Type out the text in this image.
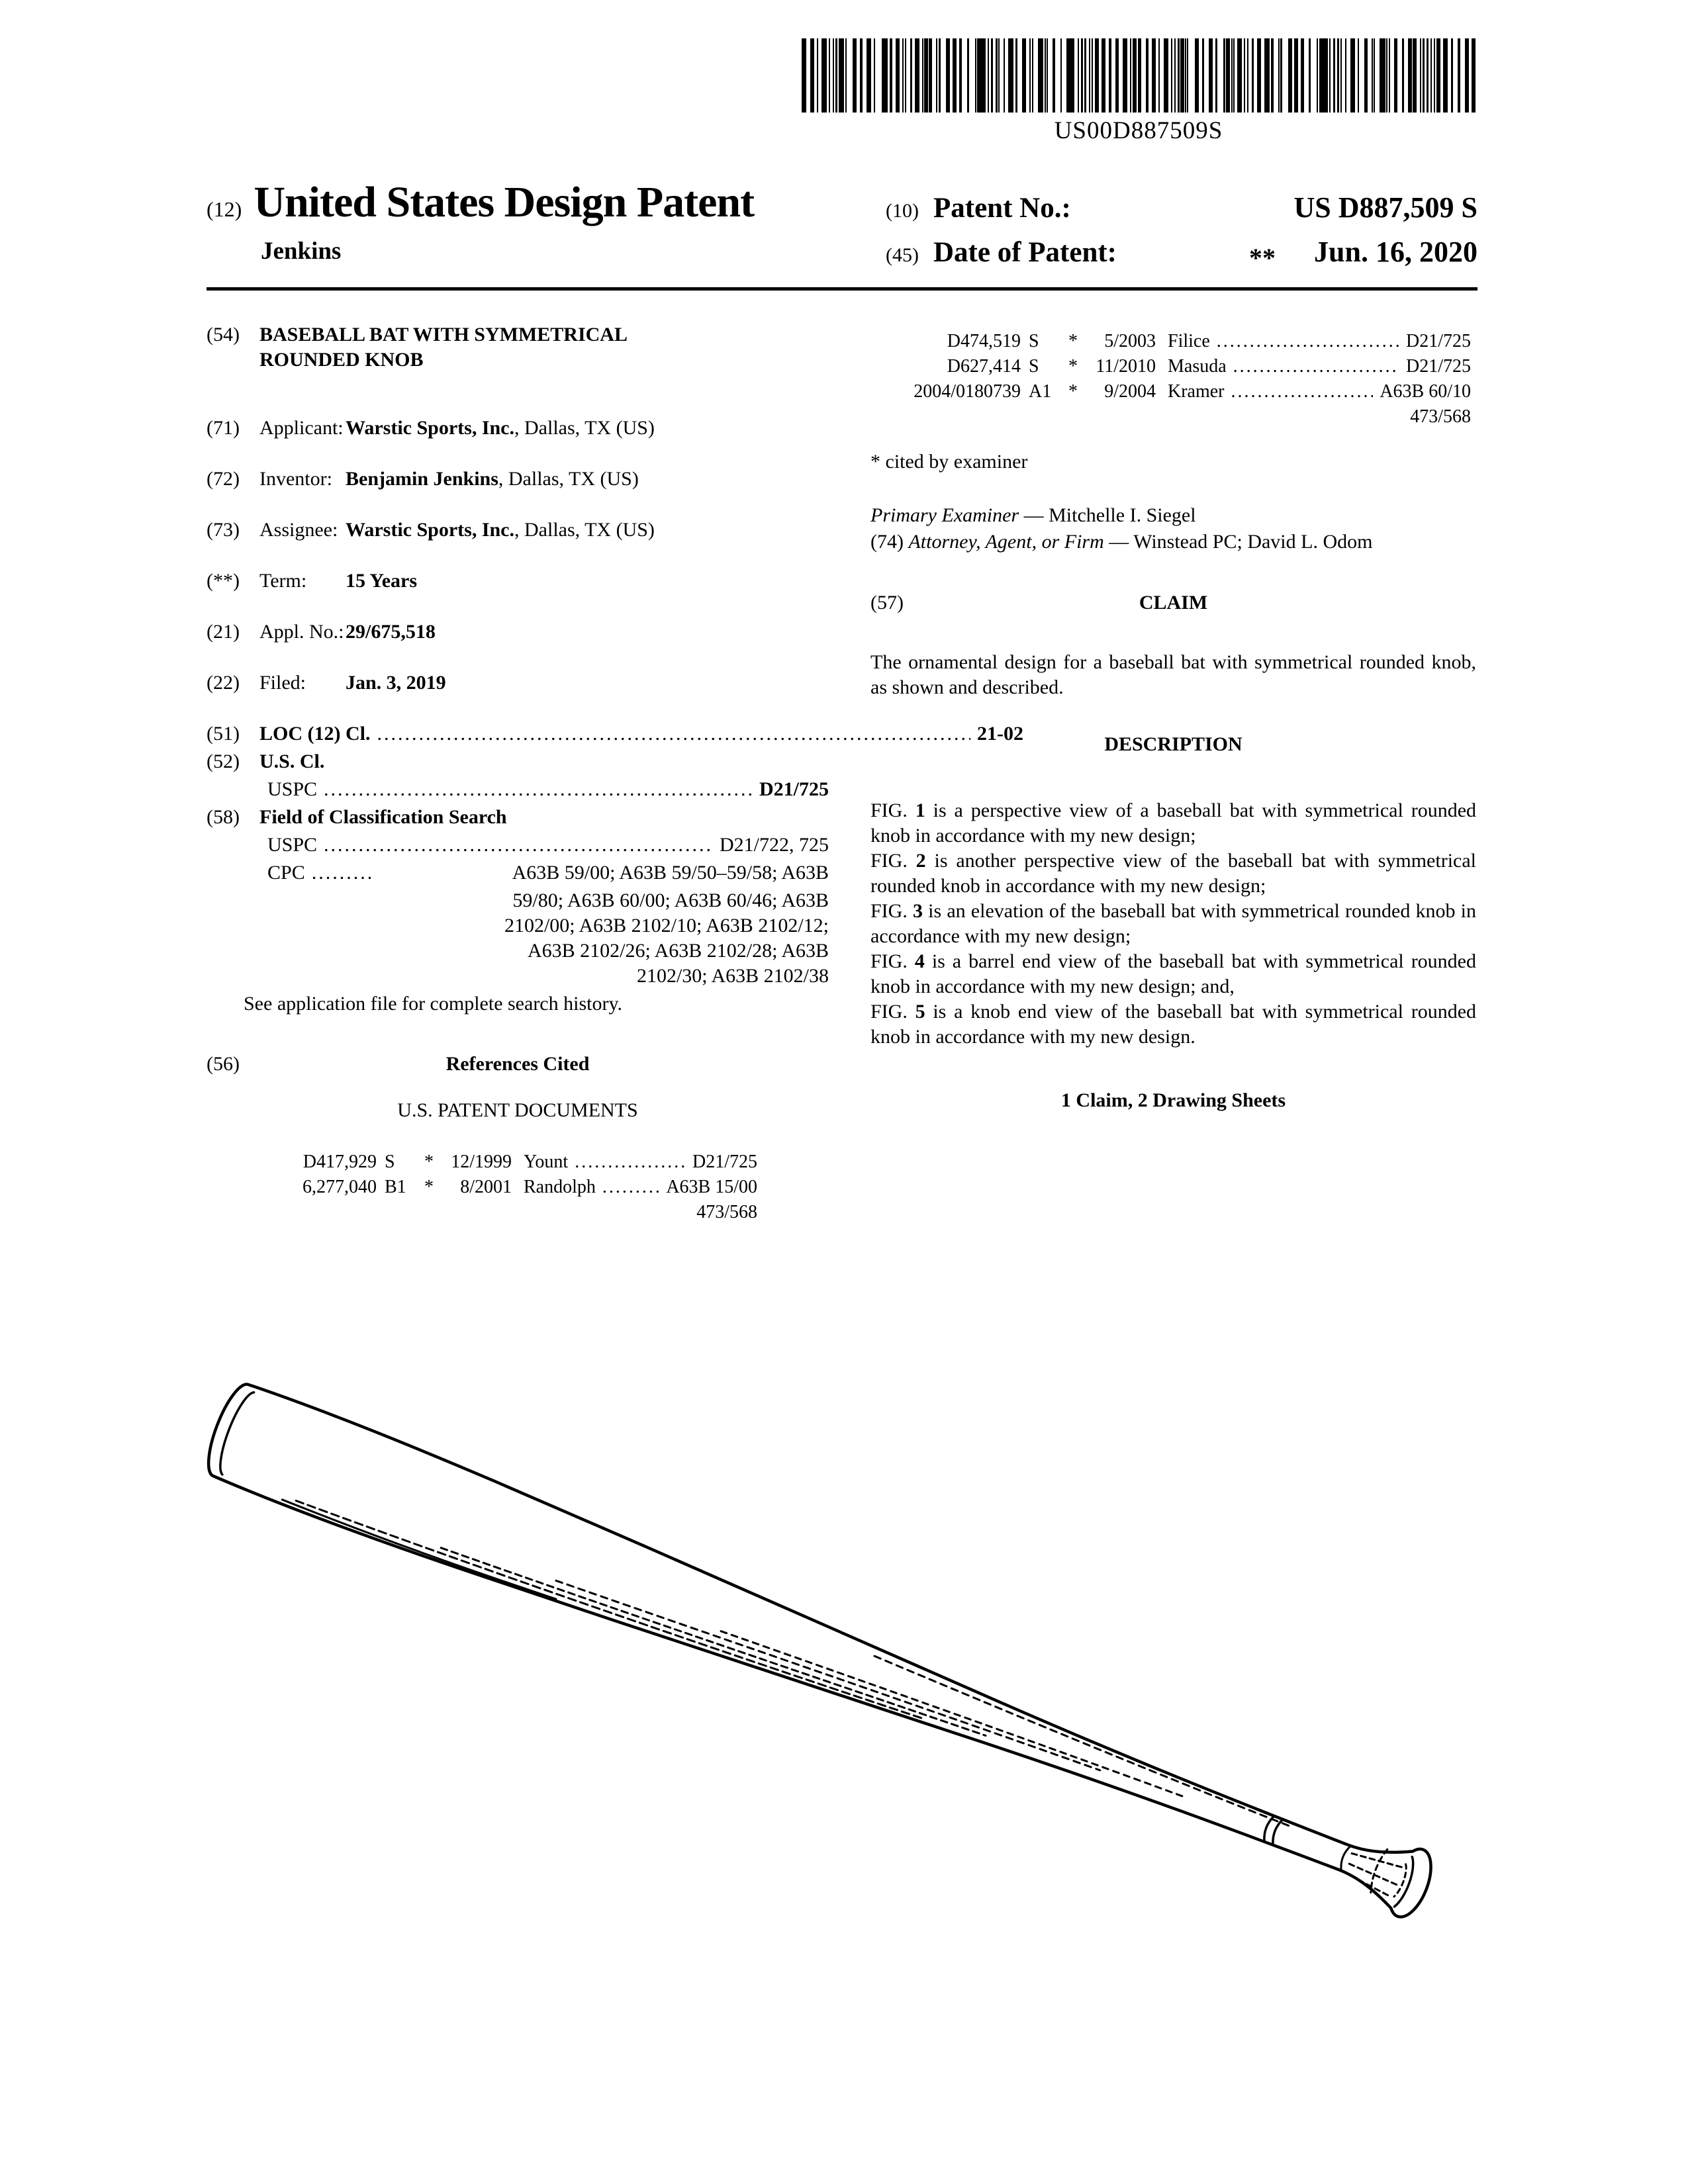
US00D887509S
(12) United States Design Patent
Jenkins
(10) Patent No.:	US D887,509 S
(45) Date of Patent:	** Jun. 16, 2020
(54)	BASEBALL BAT WITH SYMMETRICAL
ROUNDED KNOB
(71)	Applicant: Warstic Sports, Inc., Dallas, TX (US)
(72)	Inventor: Benjamin Jenkins, Dallas, TX (US)
(73)	Assignee: Warstic Sports, Inc., Dallas, TX (US)
(**)	Term:	15 Years
(21)	Appl. No.: 29/675,518
(22)	Filed:	Jan. 3, 2019
(51)	LOC (12) Cl. .....	21-02
(52)	U.S. Cl.
USPC .....	D21/725
(58)	Field of Classification Search
USPC .....	D21/722, 725
CPC .....	A63B 59/00; A63B 59/50–59/58; A63B
59/80; A63B 60/00; A63B 60/46; A63B
2102/00; A63B 2102/10; A63B 2102/12;
A63B 2102/26; A63B 2102/28; A63B
2102/30; A63B 2102/38
See application file for complete search history.
(56)	References Cited
U.S. PATENT DOCUMENTS
D417,929 S	* 12/1999 Yount .....	D21/725
6,277,040 B1 *	8/2001 Randolph .....	A63B 15/00
473/568
D474,519 S	*	5/2003 Filice .....	D21/725
D627,414 S	* 11/2010 Masuda .....	D21/725
2004/0180739 A1 *	9/2004 Kramer .....	A63B 60/10
473/568
* cited by examiner

Primary Examiner — Mitchelle I. Siegel

(74) Attorney, Agent, or Firm — Winstead PC; David L. Odom

(57)	CLAIM

The ornamental design for a baseball bat with symmetrical rounded knob, as shown and described.

DESCRIPTION

FIG. 1 is a perspective view of a baseball bat with symmetrical rounded knob in accordance with my new design;

FIG. 2 is another perspective view of the baseball bat with symmetrical rounded knob in accordance with my new design;

FIG. 3 is an elevation of the baseball bat with symmetrical rounded knob in accordance with my new design;

FIG. 4 is a barrel end view of the baseball bat with symmetrical rounded knob in accordance with my new design; and,

FIG. 5 is a knob end view of the baseball bat with symmetrical rounded knob in accordance with my new design.

1 Claim, 2 Drawing Sheets
